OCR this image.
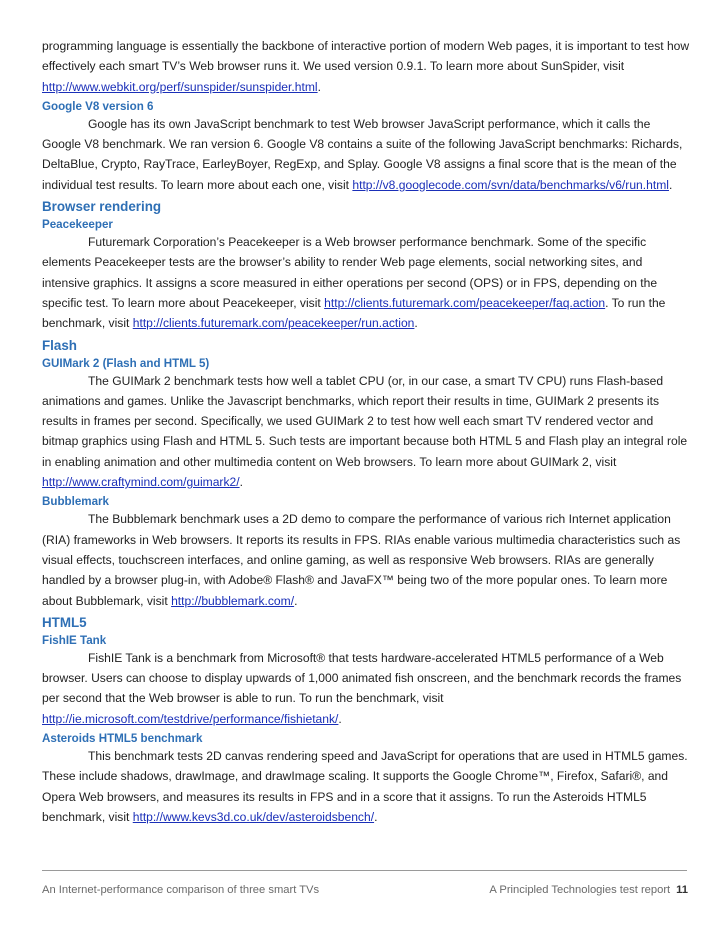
programming language is essentially the backbone of interactive portion of modern Web pages, it is important to test how effectively each smart TV’s Web browser runs it. We used version 0.9.1. To learn more about SunSpider, visit http://www.webkit.org/perf/sunspider/sunspider.html.

Google V8 version 6

Google has its own JavaScript benchmark to test Web browser JavaScript performance, which it calls the Google V8 benchmark. We ran version 6. Google V8 contains a suite of the following JavaScript benchmarks: Richards, DeltaBlue, Crypto, RayTrace, EarleyBoyer, RegExp, and Splay. Google V8 assigns a final score that is the mean of the individual test results. To learn more about each one, visit http://v8.googlecode.com/svn/data/benchmarks/v6/run.html.

Browser rendering
Peacekeeper

Futuremark Corporation’s Peacekeeper is a Web browser performance benchmark. Some of the specific elements Peacekeeper tests are the browser’s ability to render Web page elements, social networking sites, and intensive graphics. It assigns a score measured in either operations per second (OPS) or in FPS, depending on the specific test. To learn more about Peacekeeper, visit http://clients.futuremark.com/peacekeeper/faq.action. To run the benchmark, visit http://clients.futuremark.com/peacekeeper/run.action.

Flash
GUIMark 2 (Flash and HTML 5)

The GUIMark 2 benchmark tests how well a tablet CPU (or, in our case, a smart TV CPU) runs Flash-based animations and games. Unlike the Javascript benchmarks, which report their results in time, GUIMark 2 presents its results in frames per second. Specifically, we used GUIMark 2 to test how well each smart TV rendered vector and bitmap graphics using Flash and HTML 5. Such tests are important because both HTML 5 and Flash play an integral role in enabling animation and other multimedia content on Web browsers. To learn more about GUIMark 2, visit http://www.craftymind.com/guimark2/.

Bubblemark

The Bubblemark benchmark uses a 2D demo to compare the performance of various rich Internet application (RIA) frameworks in Web browsers. It reports its results in FPS. RIAs enable various multimedia characteristics such as visual effects, touchscreen interfaces, and online gaming, as well as responsive Web browsers. RIAs are generally handled by a browser plug-in, with Adobe® Flash® and JavaFX™ being two of the more popular ones. To learn more about Bubblemark, visit http://bubblemark.com/.

HTML5
FishIE Tank

FishIE Tank is a benchmark from Microsoft® that tests hardware-accelerated HTML5 performance of a Web browser. Users can choose to display upwards of 1,000 animated fish onscreen, and the benchmark records the frames per second that the Web browser is able to run. To run the benchmark, visit http://ie.microsoft.com/testdrive/performance/fishietank/.

Asteroids HTML5 benchmark

This benchmark tests 2D canvas rendering speed and JavaScript for operations that are used in HTML5 games. These include shadows, drawImage, and drawImage scaling. It supports the Google Chrome™, Firefox, Safari®, and Opera Web browsers, and measures its results in FPS and in a score that it assigns. To run the Asteroids HTML5 benchmark, visit http://www.kevs3d.co.uk/dev/asteroidsbench/.

An Internet-performance comparison of three smart TVs	A Principled Technologies test report 11
